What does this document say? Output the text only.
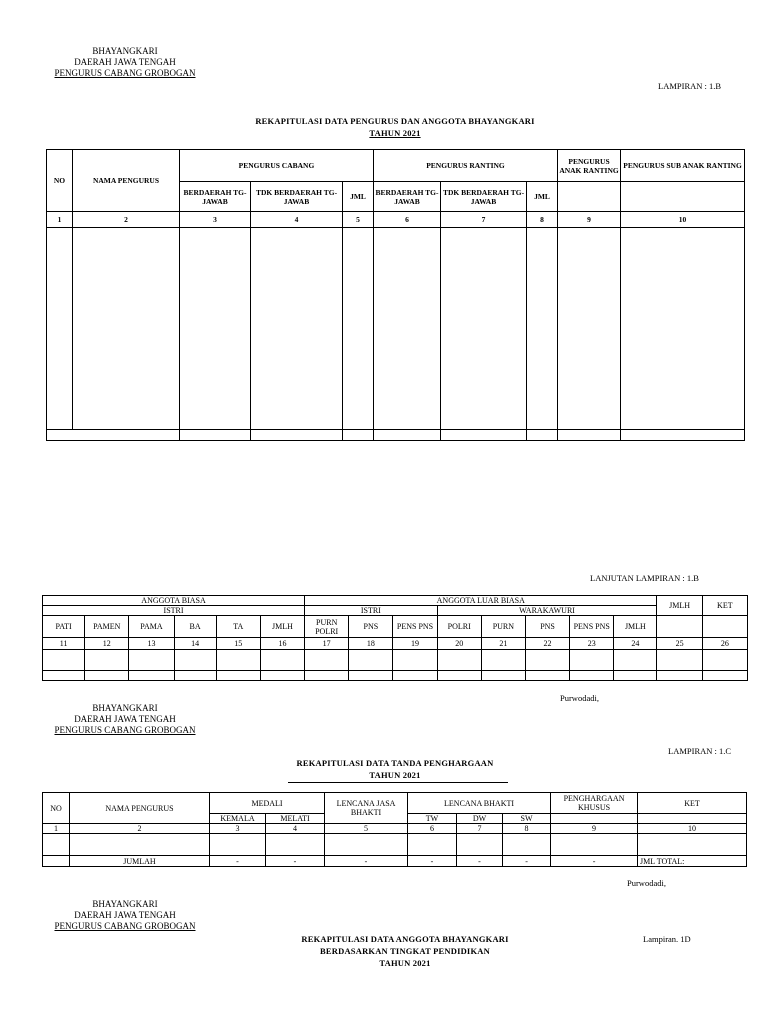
BHAYANGKARI
DAERAH JAWA TENGAH
PENGURUS CABANG GROBOGAN
LAMPIRAN : 1.B
REKAPITULASI DATA PENGURUS DAN ANGGOTA BHAYANGKARI
TAHUN 2021
NO	NAMA PENGURUS	PENGURUS CABANG			PENGURUS RANTING			PENGURUS ANAK RANTING	PENGURUS SUB ANAK RANTING
		BERDAERAH TG-JAWAB	TDK BERDAERAH TG-JAWAB	JML	BERDAERAH TG-JAWAB	TDK BERDAERAH TG-JAWAB	JML		
1	2	3	4	5	6	7	8	9	10

LANJUTAN LAMPIRAN : 1.B
ANGGOTA BIASA						ANGGOTA LUAR BIASA								JMLH	KET
ISTRI						ISTRI			WARAKAWURI						
PATI	PAMEN	PAMA	BA	TA	JMLH	PURN POLRI	PNS	PENS PNS	POLRI	PURN	PNS	PENS PNS	JMLH		
11	12	13	14	15	16	17	18	19	20	21	22	23	24	25	26

Purwodadi,
BHAYANGKARI
DAERAH JAWA TENGAH
PENGURUS CABANG GROBOGAN
LAMPIRAN : 1.C
REKAPITULASI DATA TANDA PENGHARGAAN
TAHUN 2021
NO	NAMA PENGURUS	MEDALI		LENCANA JASA BHAKTI	LENCANA BHAKTI			PENGHARGAAN KHUSUS	KET
		KEMALA	MELATI		TW	DW	SW		
1	2	3	4	5	6	7	8	9	10

	JUMLAH	-	-	-	-	-	-	-	JML TOTAL:
Purwodadi,
BHAYANGKARI
DAERAH JAWA TENGAH
PENGURUS CABANG GROBOGAN
REKAPITULASI DATA ANGGOTA BHAYANGKARI
BERDASARKAN TINGKAT PENDIDIKAN
TAHUN 2021
Lampiran. 1D
